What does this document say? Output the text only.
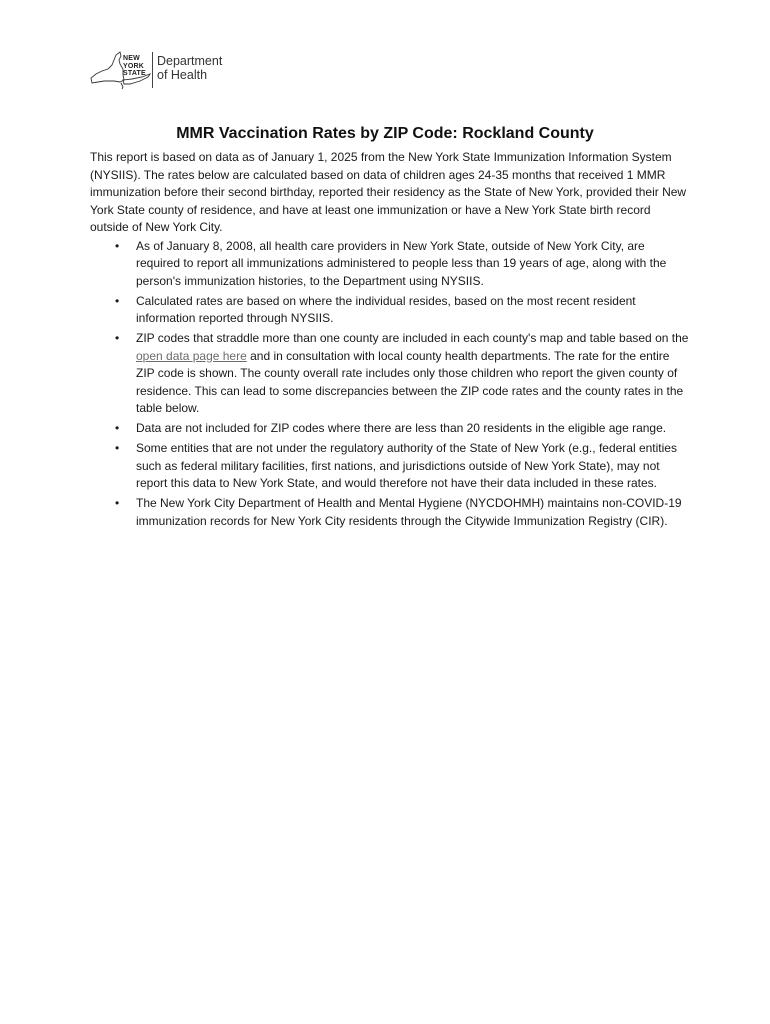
NEW
YORK
STATE
Department
of Health
MMR Vaccination Rates by ZIP Code: Rockland County

This report is based on data as of January 1, 2025 from the New York State Immunization Information System (NYSIIS). The rates below are calculated based on data of children ages 24-35 months that received 1 MMR immunization before their second birthday, reported their residency as the State of New York, provided their New York State county of residence, and have at least one immunization or have a New York State birth record outside of New York City.

• As of January 8, 2008, all health care providers in New York State, outside of New York City, are required to report all immunizations administered to people less than 19 years of age, along with the person's immunization histories, to the Department using NYSIIS.
• Calculated rates are based on where the individual resides, based on the most recent resident information reported through NYSIIS.
• ZIP codes that straddle more than one county are included in each county's map and table based on the open data page here and in consultation with local county health departments. The rate for the entire ZIP code is shown. The county overall rate includes only those children who report the given county of residence. This can lead to some discrepancies between the ZIP code rates and the county rates in the table below.
• Data are not included for ZIP codes where there are less than 20 residents in the eligible age range.
• Some entities that are not under the regulatory authority of the State of New York (e.g., federal entities such as federal military facilities, first nations, and jurisdictions outside of New York State), may not report this data to New York State, and would therefore not have their data included in these rates.
• The New York City Department of Health and Mental Hygiene (NYCDOHMH) maintains non-COVID-19 immunization records for New York City residents through the Citywide Immunization Registry (CIR).
